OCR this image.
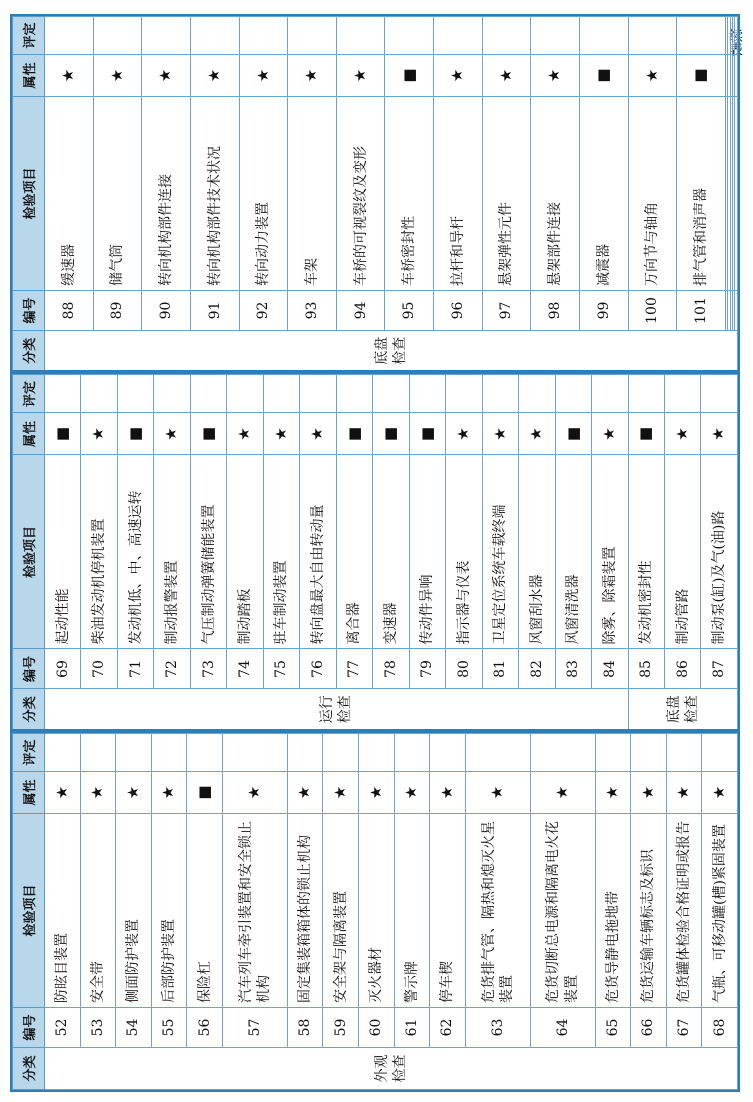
续表
分类	编号	检验项目	属性	评定
外观检查	52	防眩目装置	★	
	53	安全带	★	
	54	侧面防护装置	★	
	55	后部防护装置	★	
	56	保险杠	■	
	57	汽车列车牵引装置和安全锁止机构	★	
	58	固定集装箱箱体的锁止机构	★	
	59	安全架与隔离装置	★	
	60	灭火器材	★	
	61	警示牌	★	
	62	停车楔	★	
	63	危货排气管、隔热和熄灭火星装置	★	
	64	危货切断总电源和隔离电火花装置	★	
	65	危货导静电拖地带	★	
	66	危货运输车辆标志及标识	★	
	67	危货罐体检验合格证明或报告	★	
	68	气瓶、可移动罐(槽)紧固装置	★	
分类	编号	检验项目	属性	评定
运行检查	69	起动性能	■	
	70	柴油发动机停机装置	★	
	71	发动机低、中、高速运转	■	
	72	制动报警装置	★	
	73	气压制动弹簧储能装置	■	
	74	制动踏板	★	
	75	驻车制动装置	★	
	76	转向盘最大自由转动量	★	
	77	离合器	■	
	78	变速器	■	
	79	传动件异响	■	
	80	指示器与仪表	★	
	81	卫星定位系统车载终端	★	
	82	风窗刮水器	★	
	83	风窗清洗器	■	
	84	除雾、除霜装置	★	
底盘检查	85	发动机密封性	■	
	86	制动管路	★	
	87	制动泵(缸)及气(油)路	★	
分类	编号	检验项目	属性	评定
底盘检查	88	缓速器	★	
	89	储气筒	★	
	90	转向机构部件连接	★	
	91	转向机构部件技术状况	★	
	92	转向动力装置	★	
	93	车架	★	
	94	车桥的可视裂纹及变形	★	
	95	车桥密封性	■	
	96	拉杆和导杆	★	
	97	悬架弹性元件	★	
	98	悬架部件连接	★	
	99	减震器	■	
	100	万向节与轴角	★	
	101	排气管和消声器	■	
